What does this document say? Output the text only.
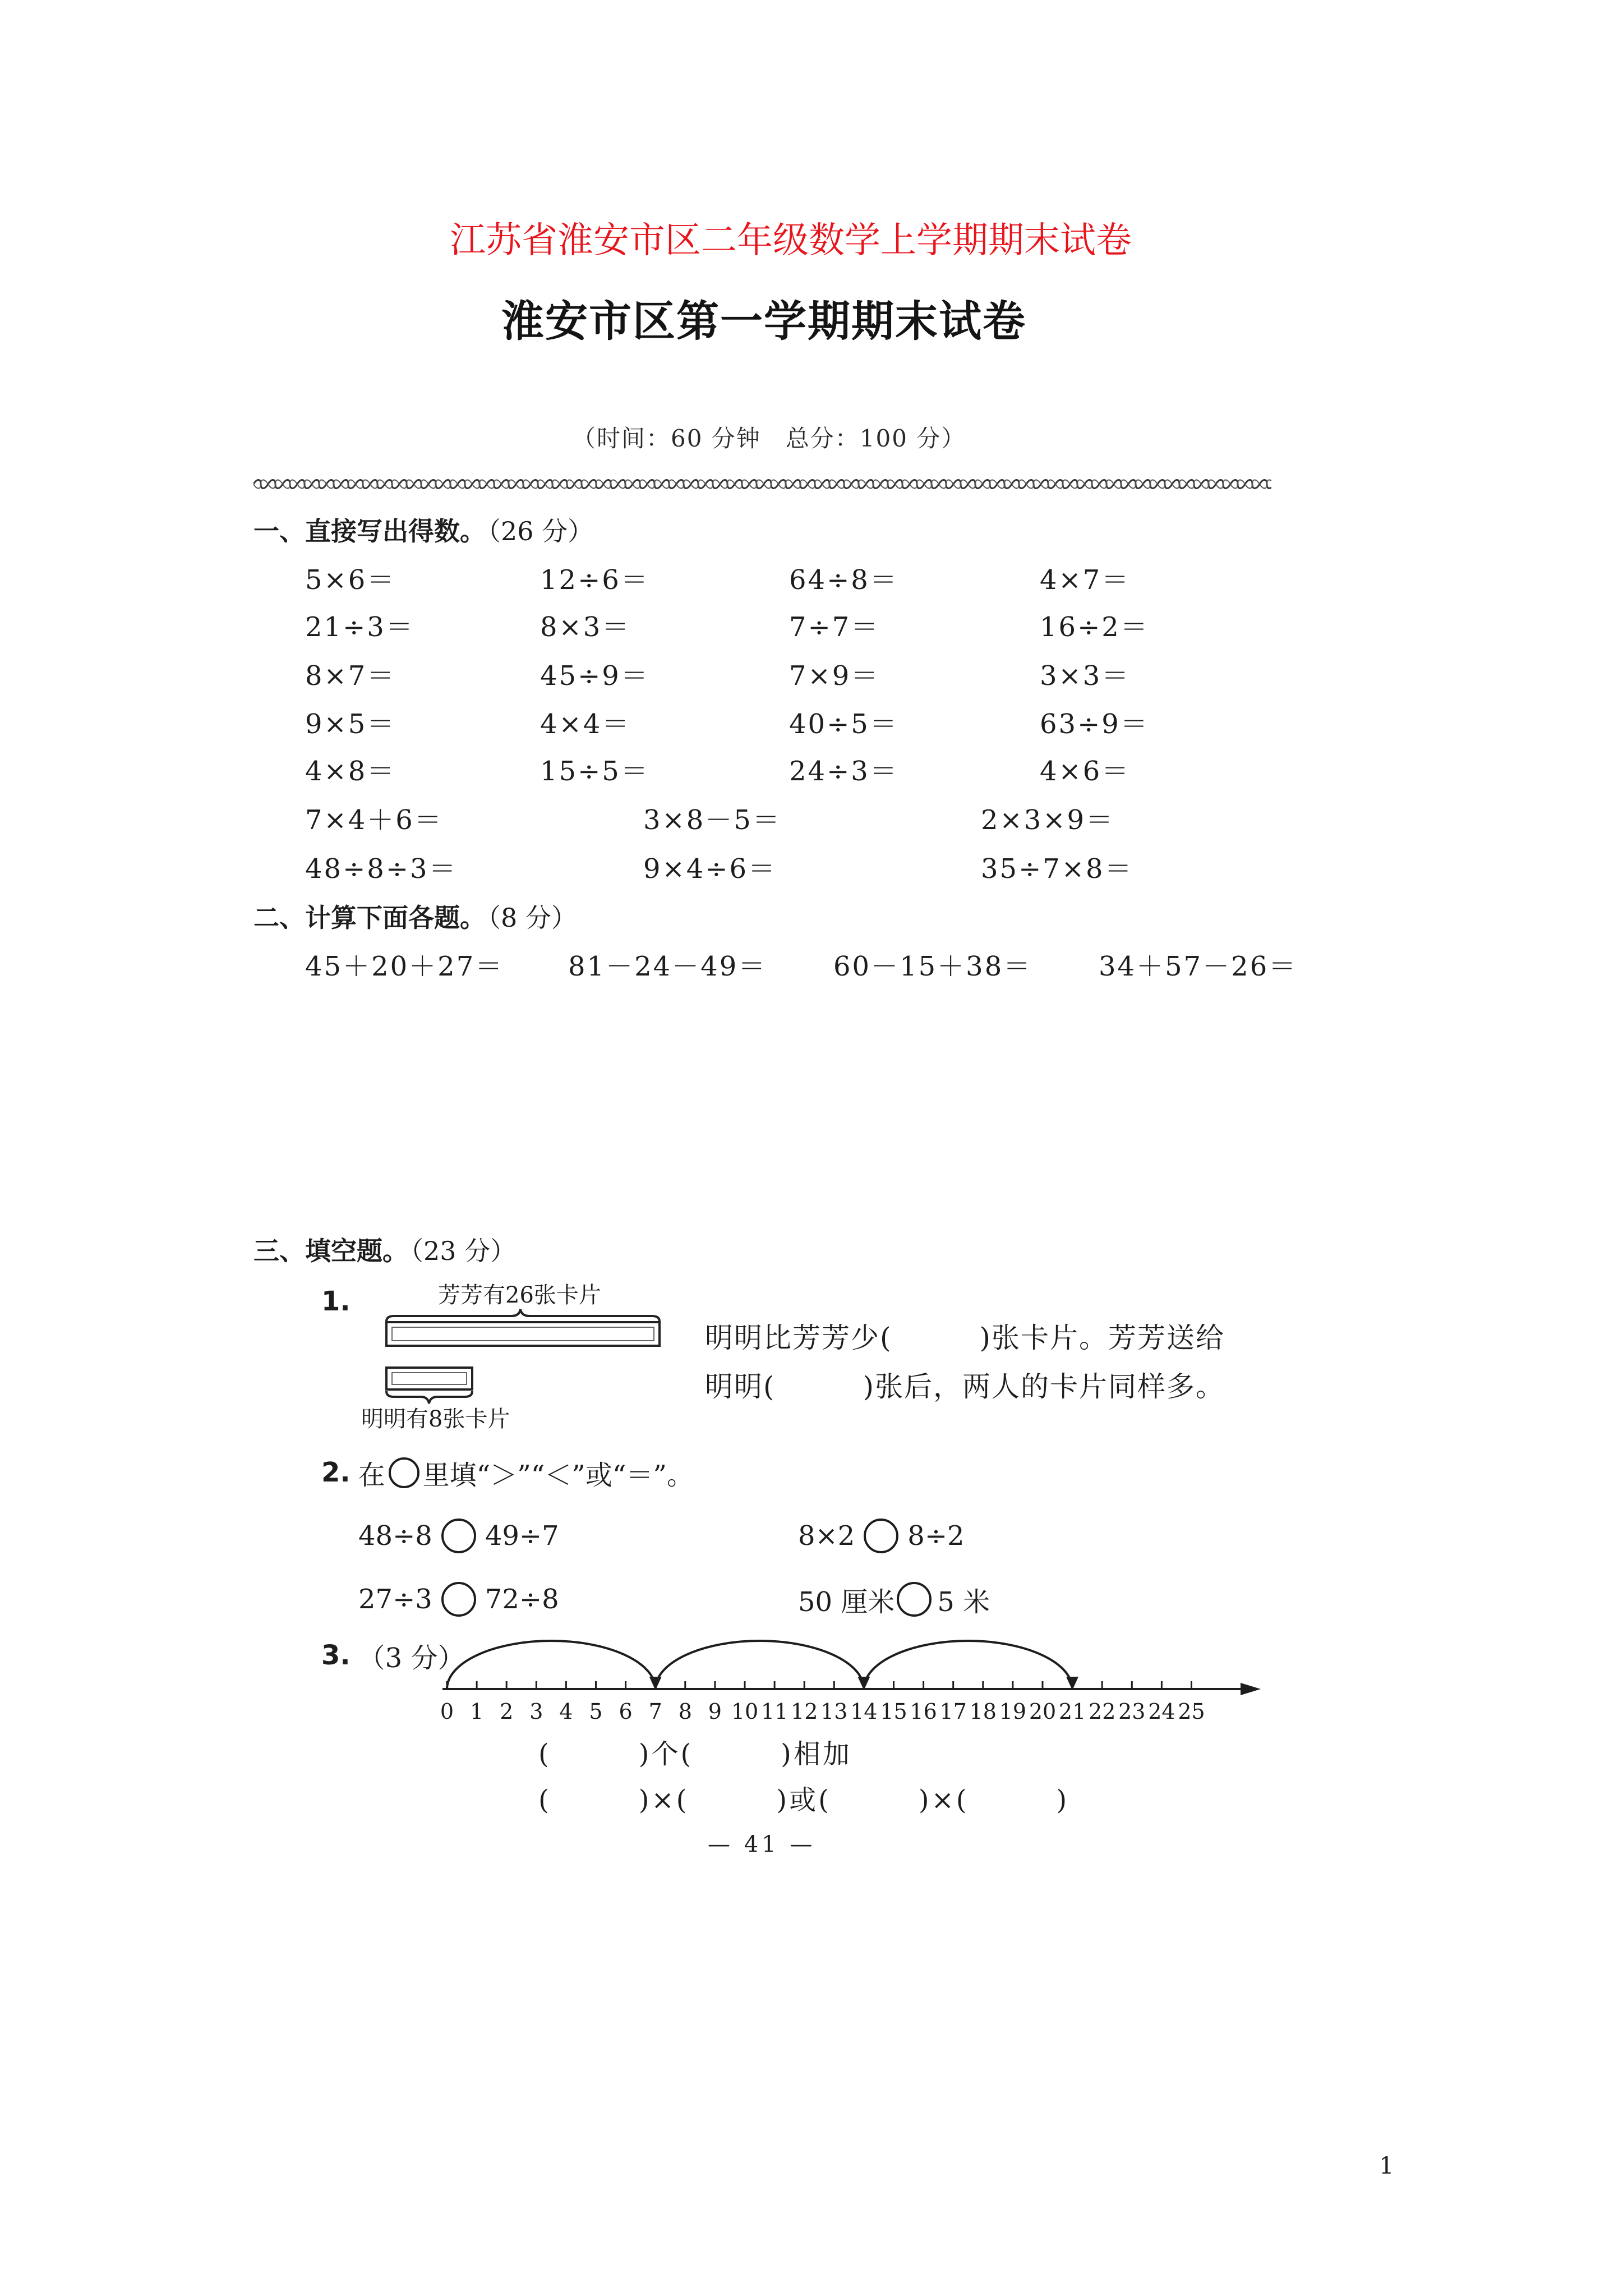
江苏省淮安市区二年级数学上学期期末试卷
淮安市区第一学期期末试卷
（时间：60 分钟　总分：100 分）
一、直接写出得数。（26 分）
5×6＝	12÷6＝	64÷8＝	4×7＝
21÷3＝	8×3＝	7÷7＝	16÷2＝
8×7＝	45÷9＝	7×9＝	3×3＝
9×5＝	4×4＝	40÷5＝	63÷9＝
4×8＝	15÷5＝	24÷3＝	4×6＝
7×4＋6＝	3×8－5＝	2×3×9＝
48÷8÷3＝	9×4÷6＝	35÷7×8＝
二、计算下面各题。（8 分）
45＋20＋27＝ 81－24－49＝ 60－15＋38＝ 34＋57－26＝
三、填空题。（23 分）
1.	芳芳有26张卡片
明明有8张卡片
明明比芳芳少(　　　)张卡片。芳芳送给
明明(　　　)张后，两人的卡片同样多。
2. 在 里填“＞”“＜”或“＝”。
48÷8 49÷7	8×2 8÷2
27÷3 72÷8	50 厘米 5 米
3. （3 分）
0 1 2 3 4 5 6 7 8 9 10 11 12 13 14 15 16 17 18 19 20 21 22 23 24 25
(　　　)个(　　　)相加
(　　　)×(　　　)或(　　　)×(　　　)
— 41 —
1
